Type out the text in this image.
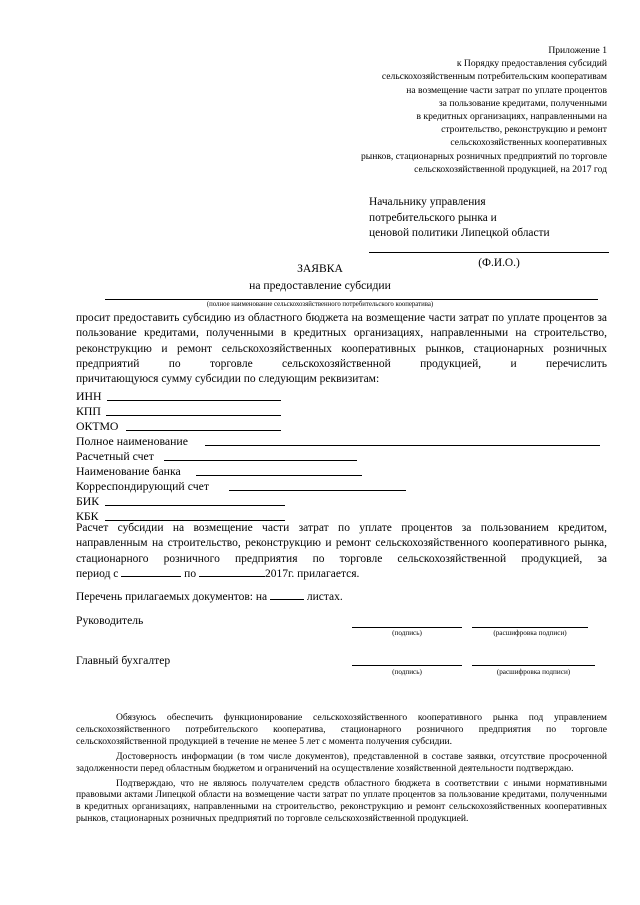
Приложение 1
к Порядку предоставления субсидий
сельскохозяйственным потребительским кооперативам
на возмещение части затрат по уплате процентов
за пользование кредитами, полученными
в кредитных организациях, направленными на
строительство, реконструкцию и ремонт
сельскохозяйственных кооперативных
рынков, стационарных розничных предприятий по торговле
сельскохозяйственной продукцией, на 2017 год
Начальнику управления
потребительского рынка и
ценовой политики Липецкой области
(Ф.И.О.)
ЗАЯВКА
на предоставление субсидии
(полное наименование сельскохозяйственного потребительского кооператива)

просит предоставить субсидию из областного бюджета на возмещение части затрат по уплате процентов за пользование кредитами, полученными в кредитных организациях, направленными на строительство, реконструкцию и ремонт сельскохозяйственных кооперативных рынков, стационарных розничных предприятий по торговле сельскохозяйственной продукцией, и перечислить

причитающуюся сумму субсидии по следующим реквизитам:

ИНН
КПП
ОКТМО
Полное наименование
Расчетный счет
Наименование банка
Корреспондирующий счет
БИК
КБК

Расчет субсидии на возмещение части затрат по уплате процентов за пользованием кредитом, направленным на строительство, реконструкцию и ремонт сельскохозяйственного кооперативного рынка, стационарного розничного предприятия по торговле сельскохозяйственной продукцией, за

период с	по	2017г. прилагается.

Перечень прилагаемых документов: на	листах.
Руководитель
(подпись)	(расшифровка подписи)
Главный бухгалтер
(подпись)	(расшифровка подписи)

Обязуюсь обеспечить функционирование сельскохозяйственного кооперативного рынка под управлением сельскохозяйственного потребительского кооператива, стационарного розничного предприятия по торговле сельскохозяйственной продукцией в течение не менее 5 лет с момента получения субсидии.

Достоверность информации (в том числе документов), представленной в составе заявки, отсутствие просроченной задолженности перед областным бюджетом и ограничений на осуществление хозяйственной деятельности подтверждаю.

Подтверждаю, что не являюсь получателем средств областного бюджета в соответствии с иными нормативными правовыми актами Липецкой области на возмещение части затрат по уплате процентов за пользование кредитами, полученными в кредитных организациях, направленными на строительство, реконструкцию и ремонт сельскохозяйственных кооперативных рынков, стационарных розничных предприятий по торговле сельскохозяйственной продукцией.
